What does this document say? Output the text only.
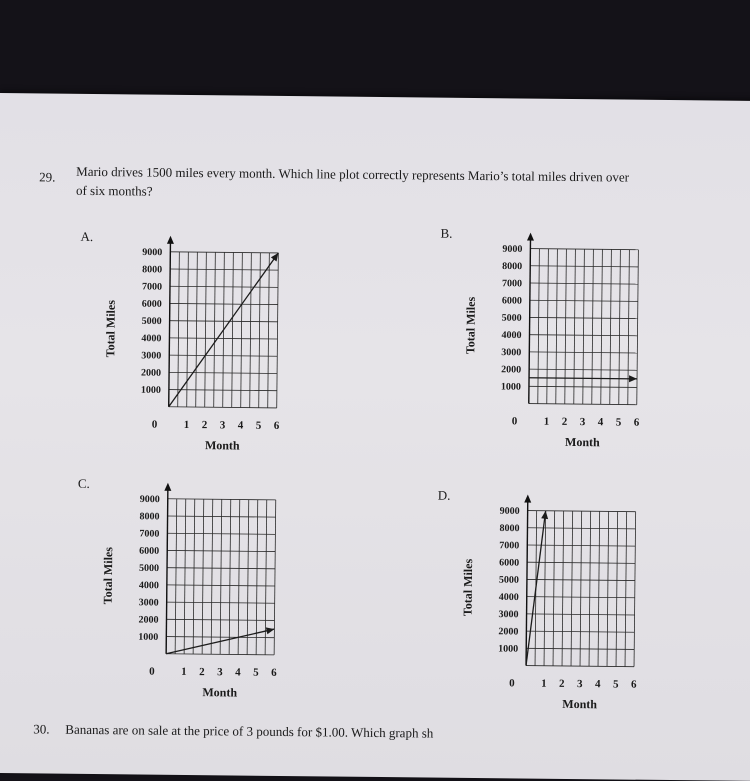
29. Mario drives 1500 miles every month. Which line plot correctly represents Mario’s total miles driven over
of six months?
A.
1000
2000
3000
4000
5000
6000
7000
8000
9000
0 1 2 3 4 5 6
Month
Total Miles
B.
1000
2000
3000
4000
5000
6000
7000
8000
9000
0 1 2 3 4 5 6
Month
Total Miles
C.
1000
2000
3000
4000
5000
6000
7000
8000
9000
0 1 2 3 4 5 6
Month
Total Miles
D.
1000
2000
3000
4000
5000
6000
7000
8000
9000
0 1 2 3 4 5 6
Month
Total Miles
30. Bananas are on sale at the price of 3 pounds for $1.00. Which graph sh
